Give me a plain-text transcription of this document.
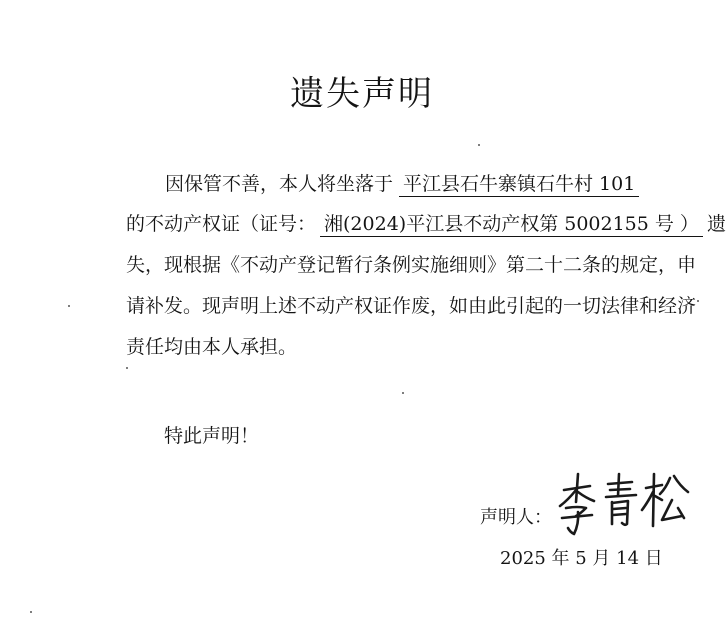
遗失声明
因保管不善，本人将坐落于 平江县石牛寨镇石牛村 101
的不动产权证（证号： 湘(2024)平江县不动产权第 5002155 号 ） 遗
失，现根据《不动产登记暂行条例实施细则》第二十二条的规定，申
请补发。现声明上述不动产权证作废，如由此引起的一切法律和经济
责任均由本人承担。
特此声明！
声明人：
2025 年 5 月 14 日
